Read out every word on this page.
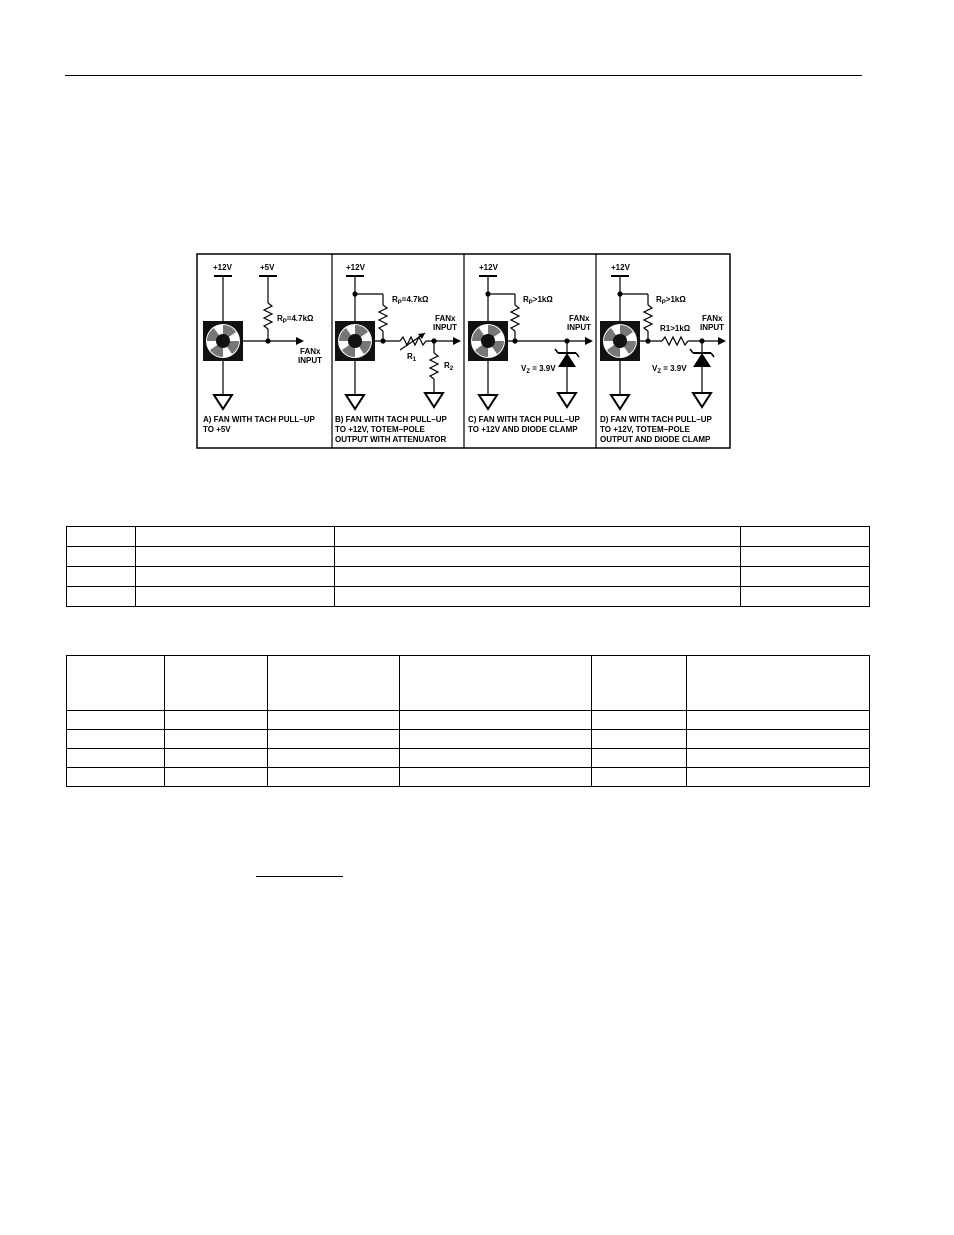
+12V	+5V
$R_P=4.7k\Omega$
FANx
INPUT
A) FAN WITH TACH PULL–UP
TO +5V
+12V
$R_P=4.7k\Omega$
FANx
INPUT
$R_1$
$R_2$
B) FAN WITH TACH PULL–UP
TO +12V, TOTEM–POLE
OUTPUT WITH ATTENUATOR
+12V
$R_P>1k\Omega$
FANx
INPUT
$V_Z = 3.9V$
C) FAN WITH TACH PULL–UP
TO +12V AND DIODE CLAMP
+12V
$R_P>1k\Omega$
FANx
INPUT
R1>1kΩ
$V_Z = 3.9V$
D) FAN WITH TACH PULL–UP
TO +12V, TOTEM–POLE
OUTPUT AND DIODE CLAMP
